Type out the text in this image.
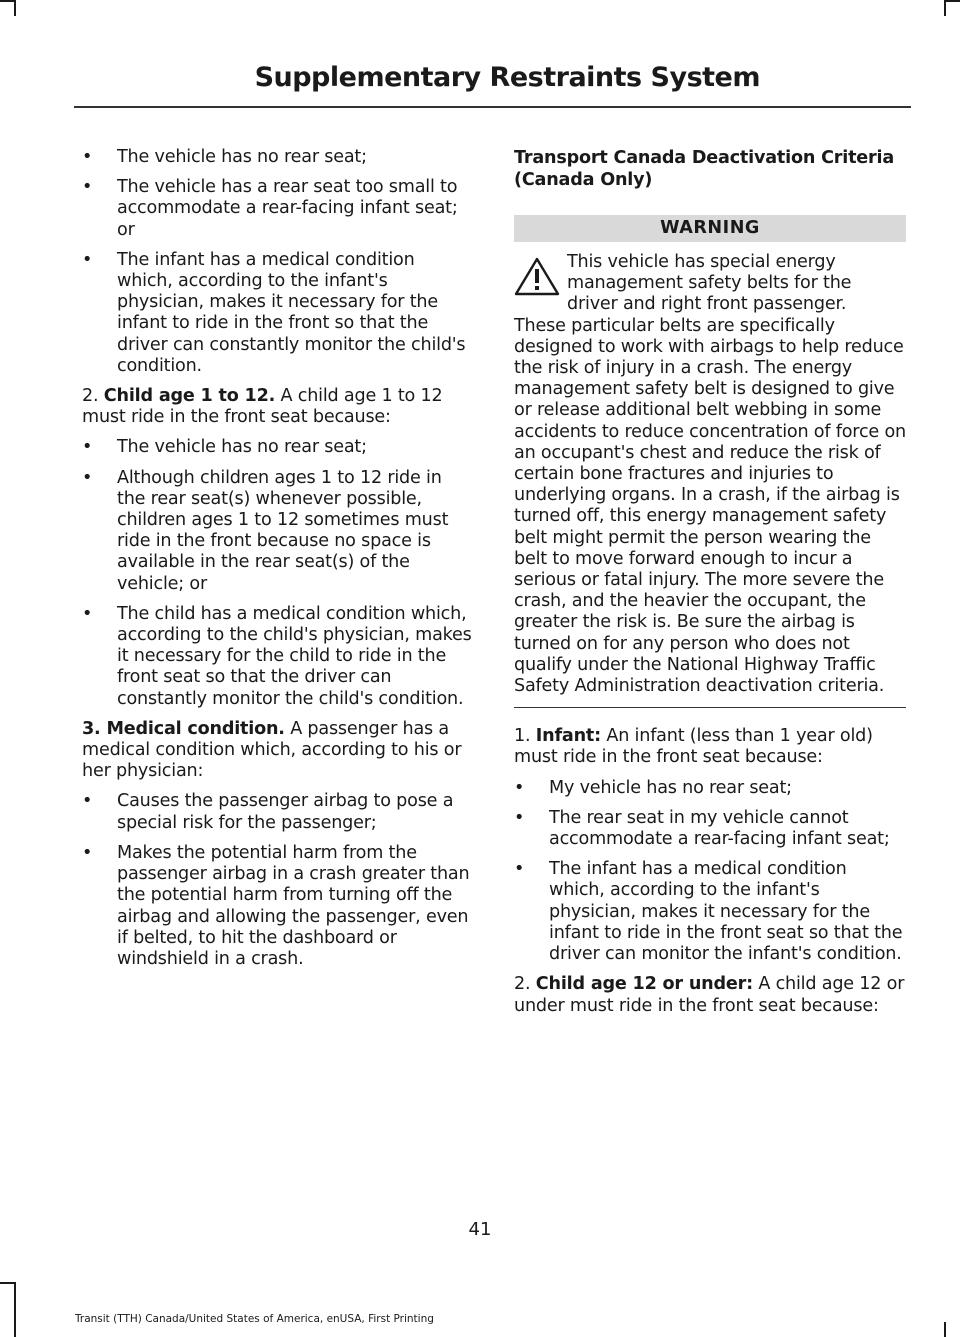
Supplementary Restraints System
•	The vehicle has no rear seat;
•	The vehicle has a rear seat too small to accommodate a rear-facing infant seat; or
•	The infant has a medical condition which, according to the infant's physician, makes it necessary for the infant to ride in the front so that the driver can constantly monitor the child's condition.

2. Child age 1 to 12. A child age 1 to 12 must ride in the front seat because:

•	The vehicle has no rear seat;
•	Although children ages 1 to 12 ride in the rear seat(s) whenever possible, children ages 1 to 12 sometimes must ride in the front because no space is available in the rear seat(s) of the vehicle; or
•	The child has a medical condition which, according to the child's physician, makes it necessary for the child to ride in the front seat so that the driver can constantly monitor the child's condition.

3. Medical condition. A passenger has a medical condition which, according to his or her physician:

•	Causes the passenger airbag to pose a special risk for the passenger;
•	Makes the potential harm from the passenger airbag in a crash greater than the potential harm from turning off the airbag and allowing the passenger, even if belted, to hit the dashboard or windshield in a crash.
Transport Canada Deactivation Criteria (Canada Only)
WARNING

This vehicle has special energy management safety belts for the driver and right front passenger.
These particular belts are specifically designed to work with airbags to help reduce the risk of injury in a crash. The energy management safety belt is designed to give or release additional belt webbing in some accidents to reduce concentration of force on an occupant's chest and reduce the risk of certain bone fractures and injuries to underlying organs. In a crash, if the airbag is turned off, this energy management safety belt might permit the person wearing the belt to move forward enough to incur a serious or fatal injury. The more severe the crash, and the heavier the occupant, the greater the risk is. Be sure the airbag is turned on for any person who does not qualify under the National Highway Traffic Safety Administration deactivation criteria.

1. Infant: An infant (less than 1 year old) must ride in the front seat because:

•	My vehicle has no rear seat;
•	The rear seat in my vehicle cannot accommodate a rear-facing infant seat;
•	The infant has a medical condition which, according to the infant's physician, makes it necessary for the infant to ride in the front seat so that the driver can monitor the infant's condition.

2. Child age 12 or under: A child age 12 or under must ride in the front seat because:

41
Transit (TTH) Canada/United States of America, enUSA, First Printing
